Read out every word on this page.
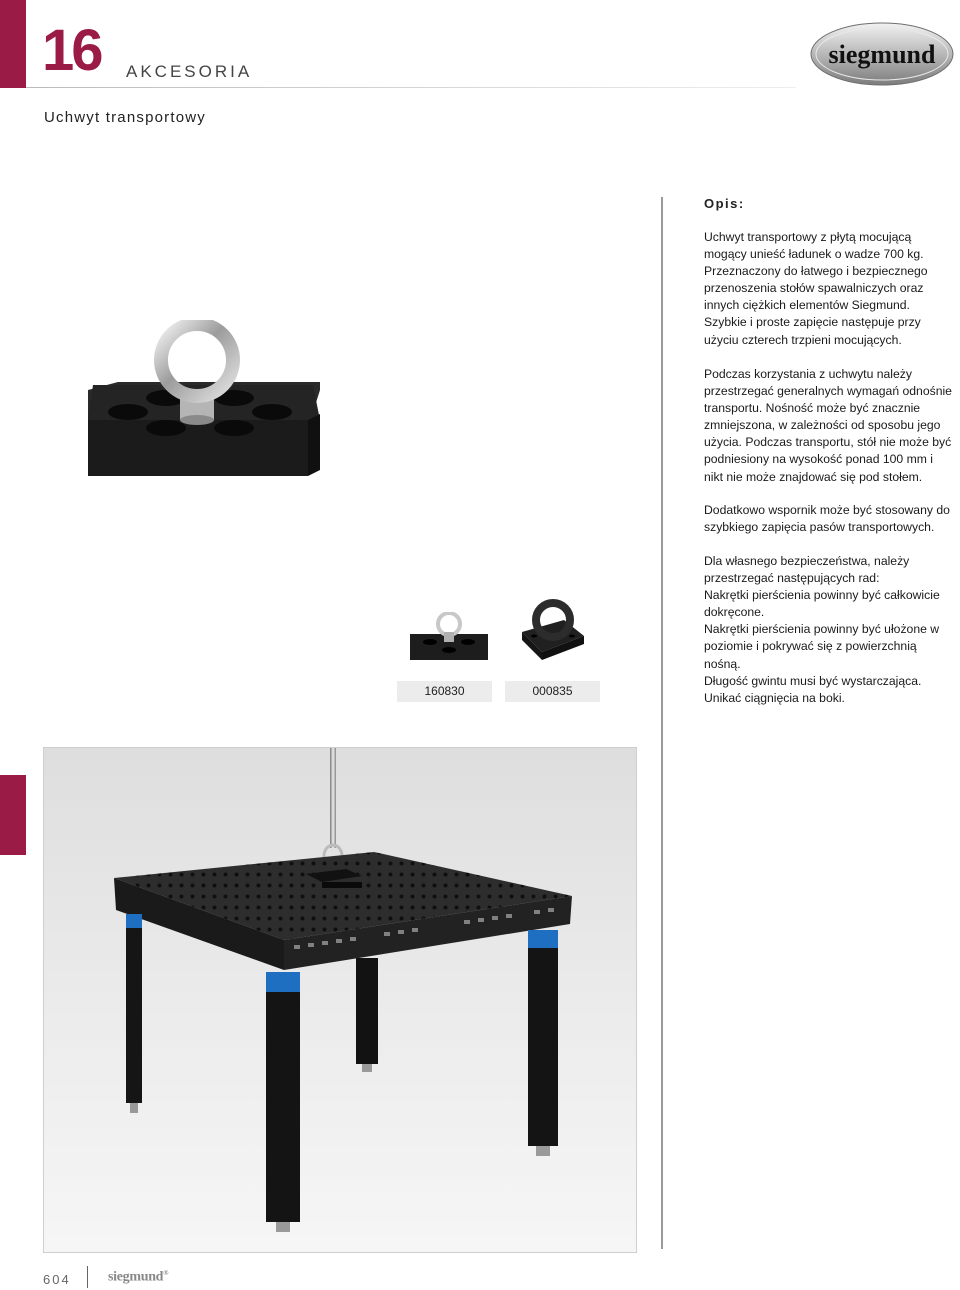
16 AKCESORIA
siegmund
Uchwyt transportowy
160830	000835
Opis:

Uchwyt transportowy z płytą mocującą mogący unieść ładunek o wadze 700 kg. Przeznaczony do łatwego i bezpiecznego przenoszenia stołów spawalniczych oraz innych ciężkich elementów Siegmund. Szybkie i proste zapięcie następuje przy użyciu czterech trzpieni mocujących.

Podczas korzystania z uchwytu należy przestrzegać generalnych wymagań odnośnie transportu. Nośność może być znacznie zmniejszona, w zależności od sposobu jego użycia. Podczas transportu, stół nie może być podniesiony na wysokość ponad 100 mm i nikt nie może znajdować się pod stołem.

Dodatkowo wspornik może być stosowany do szybkiego zapięcia pasów transportowych.

Dla własnego bezpieczeństwa, należy przestrzegać następujących rad:

Nakrętki pierścienia powinny być całkowicie dokręcone.

Nakrętki pierścienia powinny być ułożone w poziomie i pokrywać się z powierzchnią nośną.

Długość gwintu musi być wystarczająca.

Unikać ciągnięcia na boki.

604	siegmund®
